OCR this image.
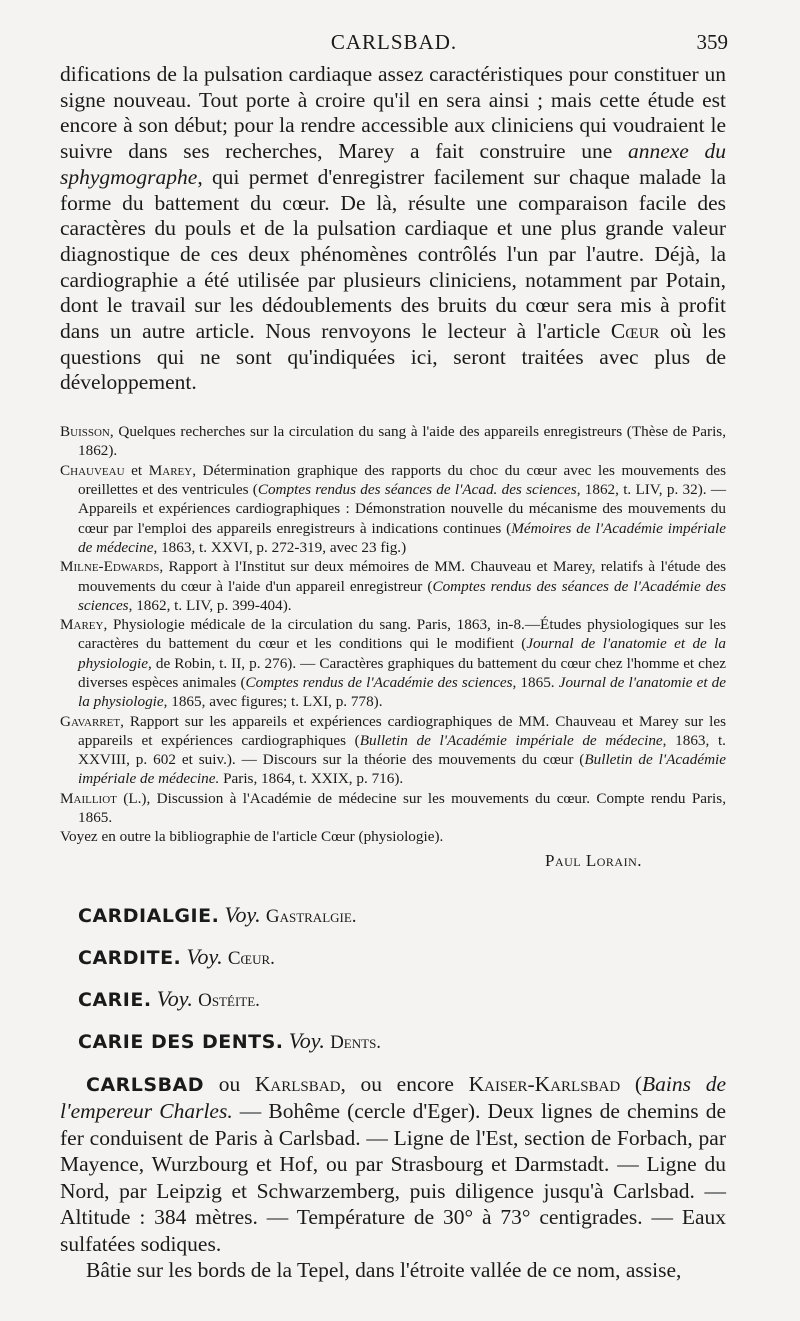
CARLSBAD.	359

difications de la pulsation cardiaque assez caractéristiques pour constituer un signe nouveau. Tout porte à croire qu'il en sera ainsi ; mais cette étude est encore à son début; pour la rendre accessible aux cliniciens qui voudraient le suivre dans ses recherches, Marey a fait construire une annexe du sphygmographe, qui permet d'enregistrer facilement sur chaque malade la forme du battement du cœur. De là, résulte une comparaison facile des caractères du pouls et de la pulsation cardiaque et une plus grande valeur diagnostique de ces deux phénomènes contrôlés l'un par l'autre. Déjà, la cardiographie a été utilisée par plusieurs cliniciens, notamment par Potain, dont le travail sur les dédoublements des bruits du cœur sera mis à profit dans un autre article. Nous renvoyons le lecteur à l'article Cœur où les questions qui ne sont qu'indiquées ici, seront traitées avec plus de développement.

Buisson, Quelques recherches sur la circulation du sang à l'aide des appareils enregistreurs (Thèse de Paris, 1862).

Chauveau et Marey, Détermination graphique des rapports du choc du cœur avec les mouvements des oreillettes et des ventricules (Comptes rendus des séances de l'Acad. des sciences, 1862, t. LIV, p. 32). — Appareils et expériences cardiographiques : Démonstration nouvelle du mécanisme des mouvements du cœur par l'emploi des appareils enregistreurs à indications continues (Mémoires de l'Académie impériale de médecine, 1863, t. XXVI, p. 272-319, avec 23 fig.)

Milne-Edwards, Rapport à l'Institut sur deux mémoires de MM. Chauveau et Marey, relatifs à l'étude des mouvements du cœur à l'aide d'un appareil enregistreur (Comptes rendus des séances de l'Académie des sciences, 1862, t. LIV, p. 399-404).

Marey, Physiologie médicale de la circulation du sang. Paris, 1863, in-8.—Études physiologiques sur les caractères du battement du cœur et les conditions qui le modifient (Journal de l'anatomie et de la physiologie, de Robin, t. II, p. 276). — Caractères graphiques du battement du cœur chez l'homme et chez diverses espèces animales (Comptes rendus de l'Académie des sciences, 1865. Journal de l'anatomie et de la physiologie, 1865, avec figures; t. LXI, p. 778).

Gavarret, Rapport sur les appareils et expériences cardiographiques de MM. Chauveau et Marey sur les appareils et expériences cardiographiques (Bulletin de l'Académie impériale de médecine, 1863, t. XXVIII, p. 602 et suiv.). — Discours sur la théorie des mouvements du cœur (Bulletin de l'Académie impériale de médecine. Paris, 1864, t. XXIX, p. 716).

Mailliot (L.), Discussion à l'Académie de médecine sur les mouvements du cœur. Compte rendu Paris, 1865.

Voyez en outre la bibliographie de l'article Cœur (physiologie).

Paul Lorain.

CARDIALGIE. Voy. Gastralgie.

CARDITE. Voy. Cœur.

CARIE. Voy. Ostéite.

CARIE DES DENTS. Voy. Dents.

CARLSBAD ou Karlsbad, ou encore Kaiser-Karlsbad (Bains de l'empereur Charles. — Bohême (cercle d'Eger). Deux lignes de chemins de fer conduisent de Paris à Carlsbad. — Ligne de l'Est, section de Forbach, par Mayence, Wurzbourg et Hof, ou par Strasbourg et Darmstadt. — Ligne du Nord, par Leipzig et Schwarzemberg, puis diligence jusqu'à Carlsbad. — Altitude : 384 mètres. — Température de 30° à 73° centigrades. — Eaux sulfatées sodiques.

Bâtie sur les bords de la Tepel, dans l'étroite vallée de ce nom, assise,
